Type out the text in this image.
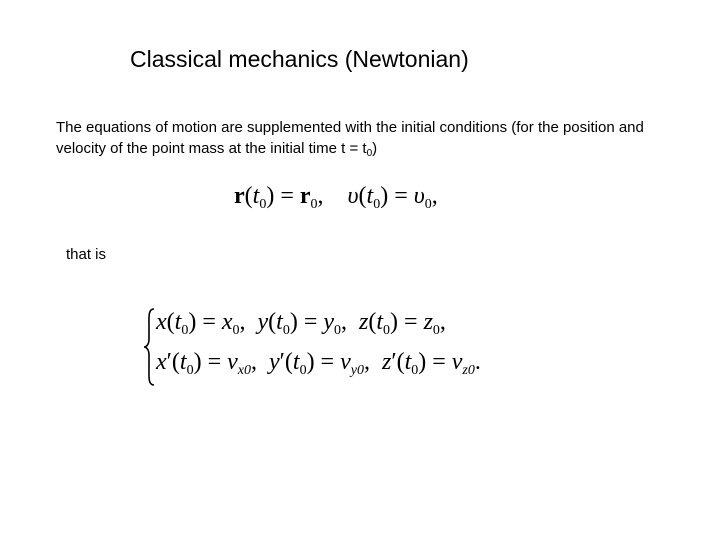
Classical mechanics (Newtonian)
The equations of motion are supplemented with the initial conditions (for the position and velocity of the point mass at the initial time $t = t_0$)
$r(t_0) = r_0$,    $\upsilon(t_0) = \upsilon_0$,
that is
$x(t_0) = x_0$,  $y(t_0) = y_0$,  $z(t_0) = z_0$,
$x'(t_0) = v_{x0}$,  $y'(t_0) = v_{y0}$,  $z'(t_0) = v_{z0}$.
